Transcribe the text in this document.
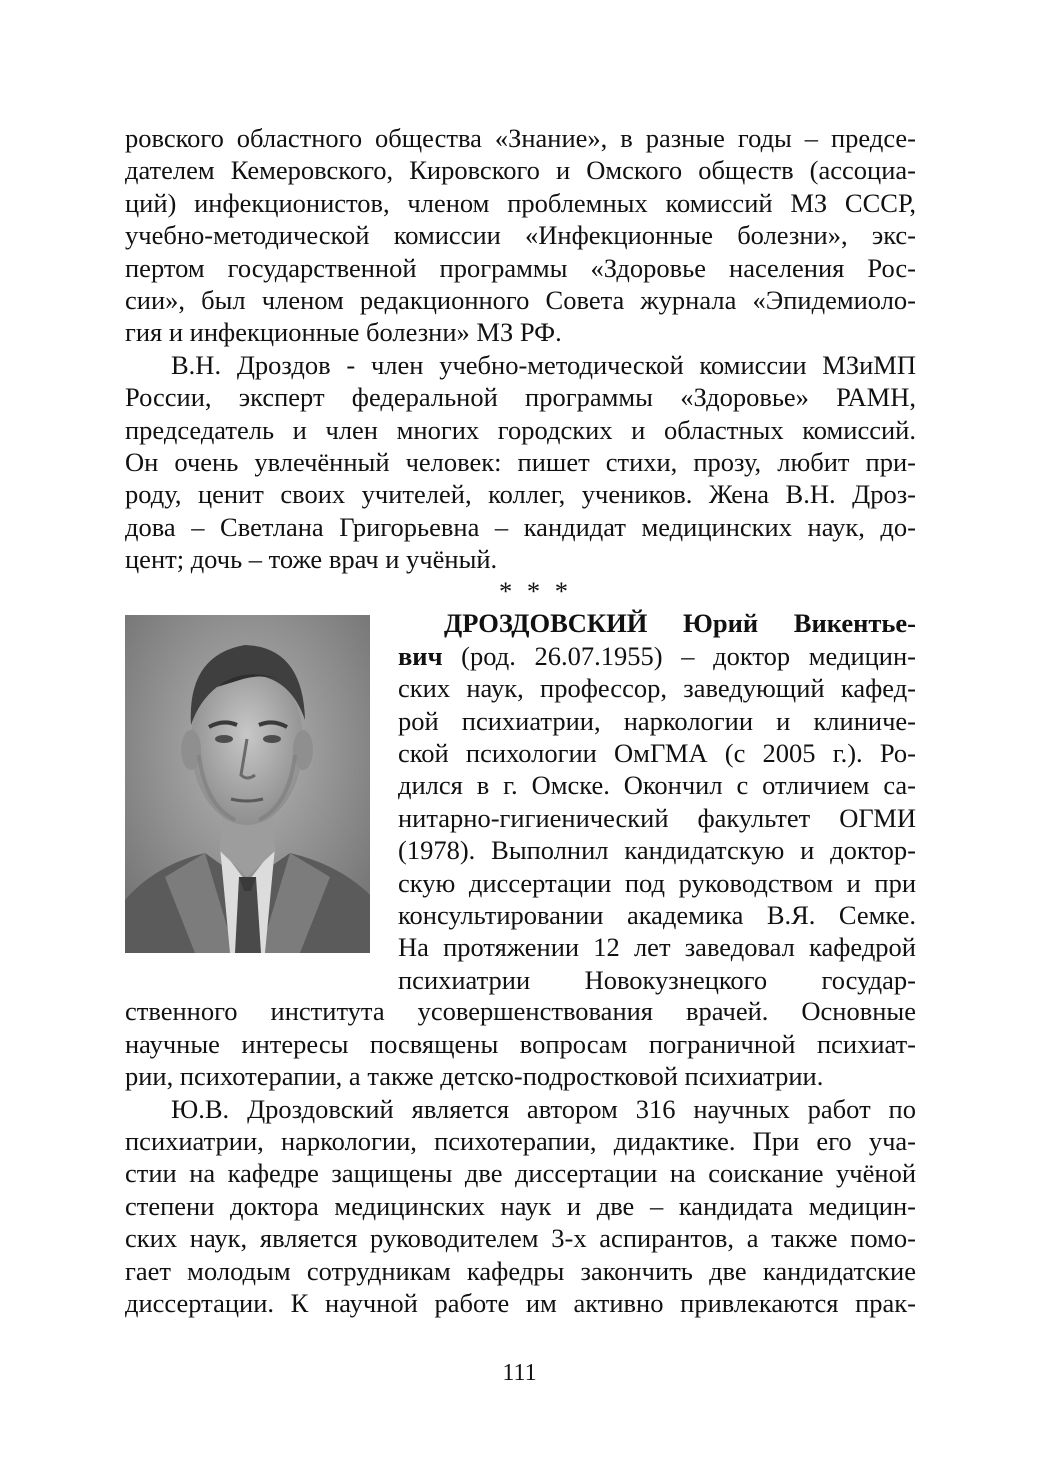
ровского областного общества «Знание», в разные годы – предсе-
дателем Кемеровского, Кировского и Омского обществ (ассоциа-
ций) инфекционистов, членом проблемных комиссий МЗ СССР,
учебно-методической комиссии «Инфекционные болезни», экс-
пертом государственной программы «Здоровье населения Рос-
сии», был членом редакционного Совета журнала «Эпидемиоло-
гия и инфекционные болезни» МЗ РФ.
В.Н. Дроздов - член учебно-методической комиссии МЗиМП
России, эксперт федеральной программы «Здоровье» РАМН,
председатель и член многих городских и областных комиссий.
Он очень увлечённый человек: пишет стихи, прозу, любит при-
роду, ценит своих учителей, коллег, учеников. Жена В.Н. Дроз-
дова – Светлана Григорьевна – кандидат медицинских наук, до-
цент; дочь – тоже врач и учёный.
* * *
ДРОЗДОВСКИЙ Юрий Викентье-
вич (род. 26.07.1955) – доктор медицин-
ских наук, профессор, заведующий кафед-
рой психиатрии, наркологии и клиниче-
ской психологии ОмГМА (с 2005 г.). Ро-
дился в г. Омске. Окончил с отличием са-
нитарно-гигиенический факультет ОГМИ
(1978). Выполнил кандидатскую и доктор-
скую диссертации под руководством и при
консультировании академика В.Я. Семке.
На протяжении 12 лет заведовал кафедрой
психиатрии Новокузнецкого государ-
ственного института усовершенствования врачей. Основные
научные интересы посвящены вопросам пограничной психиат-
рии, психотерапии, а также детско-подростковой психиатрии.
Ю.В. Дроздовский является автором 316 научных работ по
психиатрии, наркологии, психотерапии, дидактике. При его уча-
стии на кафедре защищены две диссертации на соискание учёной
степени доктора медицинских наук и две – кандидата медицин-
ских наук, является руководителем 3-х аспирантов, а также помо-
гает молодым сотрудникам кафедры закончить две кандидатские
диссертации. К научной работе им активно привлекаются прак-
111
